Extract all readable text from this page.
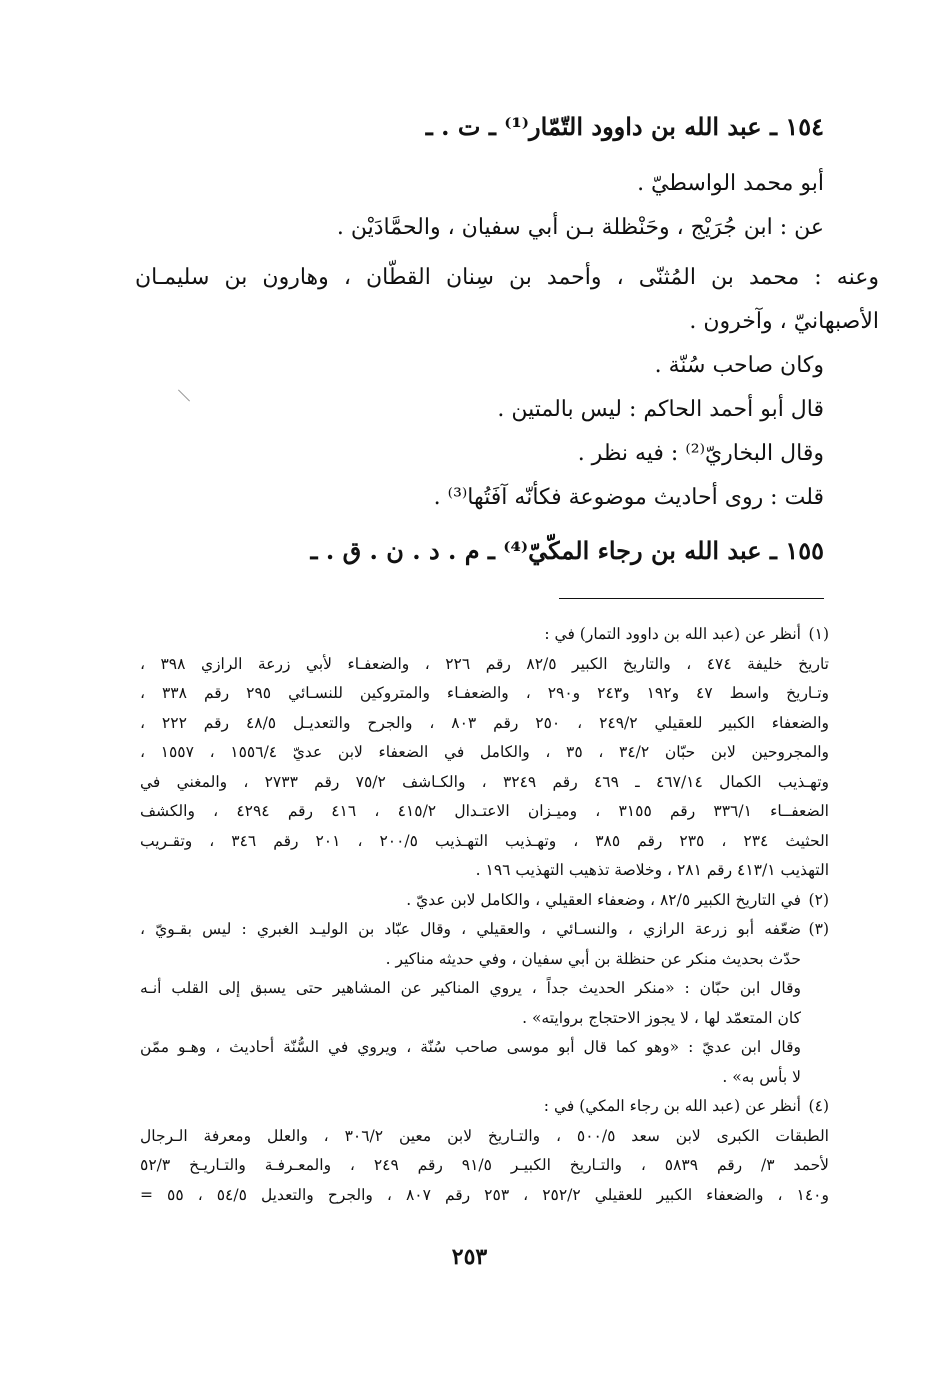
١٥٤ ـ عبد الله بن داوود التّمّار⁽¹⁾ ـ ت . ـ
أبو محمد الواسطيّ .
عن : ابن جُرَيْج ، وحَنْظلة بـن أبي سفيان ، والحمَّادَيْن .
وعنه : محمد بن المُثنّى ، وأحمد بن سِنان القطّان ، وهارون بن سليمـان
الأصبهانيّ ، وآخرون .
وكان صاحب سُنّة .
قال أبو أحمد الحاكم : ليس بالمتين .
وقال البخاريّ⁽²⁾ : فيه نظر .
قلت : روى أحاديث موضوعة فكأنّه آفَتُها⁽³⁾ .
١٥٥ ـ عبد الله بن رجاء المكّيّ⁽⁴⁾ ـ م . د . ن . ق . ـ
(١)أنظر عن (عبد الله بن داوود التمار) في :
تاريخ خليفة ٤٧٤ ، والتاريخ الكبير ٨٢/٥ رقم ٢٢٦ ، والضعفـاء لأبي زرعة الرازي ٣٩٨ ،
وتـاريخ واسط ٤٧ و١٩٢ و٢٤٣ و٢٩٠ ، والضعفـاء والمتروكين للنسـائي ٢٩٥ رقم ٣٣٨ ،
والضعفاء الكبير للعقيلي ٢٤٩/٢ ، ٢٥٠ رقم ٨٠٣ ، والجرح والتعديـل ٤٨/٥ رقم ٢٢٢ ،
والمجروحين لابن حبّان ٣٤/٢ ، ٣٥ ، والكامل في الضعفاء لابن عديّ ١٥٥٦/٤ ، ١٥٥٧ ،
وتهـذيب الكمال ٤٦٧/١٤ ـ ٤٦٩ رقم ٣٢٤٩ ، والكـاشف ٧٥/٢ رقم ٢٧٣٣ ، والمغني في
الضعفــاء ٣٣٦/١ رقم ٣١٥٥ ، وميـزان الاعتـدال ٤١٥/٢ ، ٤١٦ رقم ٤٢٩٤ ، والكشف
الحثيث ٢٣٤ ، ٢٣٥ رقم ٣٨٥ ، وتهـذيب التهـذيب ٢٠٠/٥ ، ٢٠١ رقم ٣٤٦ ، وتقـريب
التهذيب ٤١٣/١ رقم ٢٨١ ، وخلاصة تذهيب التهذيب ١٩٦ .
(٢)في التاريخ الكبير ٨٢/٥ ، وضعفاء العقيلي ، والكامل لابن عديّ .
(٣)ضعّفه أبو زرعة الرازي ، والنسـائي ، والعقيلي ، وقال عبّاد بن الوليـد الغبري : ليس بقـويّ ،
حدّث بحديث منكر عن حنظلة بن أبي سفيان ، وفي حديثه مناكير .
وقال ابن حبّان : «منكر الحديث جداً ، يروي المناكير عن المشاهير حتى يسبق إلى القلب أنـه
كان المتعمّد لها ، لا يجوز الاحتجاج بروايته» .
وقال ابن عديّ : «وهو كما قال أبو موسى صاحب سُنّة ، ويروي في السُّنّة أحاديث ، وهـو ممّن
لا بأس به» .
(٤)أنظر عن (عبد الله بن رجاء المكي) في :
الطبقات الكبرى لابن سعد ٥٠٠/٥ ، والتـاريخ لابن معين ٣٠٦/٢ ، والعلل ومعرفة الـرجال
لأحمد ٣/ رقم ٥٨٣٩ ، والتـاريخ الكبيـر ٩١/٥ رقم ٢٤٩ ، والمعـرفـة والتـاريـخ ٥٢/٣
و١٤٠ ، والضعفاء الكبير للعقيلي ٢٥٢/٢ ، ٢٥٣ رقم ٨٠٧ ، والجرح والتعديل ٥٤/٥ ، ٥٥ =
٢٥٣
